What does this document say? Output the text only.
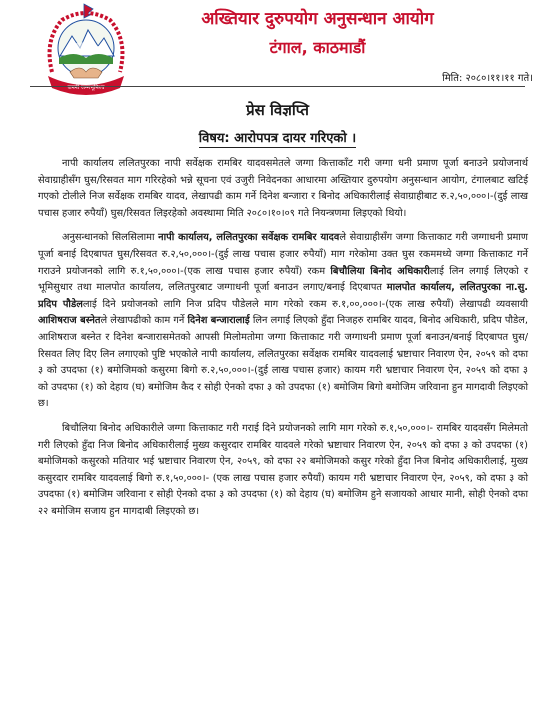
जननी जन्मभूमिश्च
अख्तियार दुरुपयोग अनुसन्धान आयोग
टंगाल, काठमाडौं
मिति: २०८०।११।११ गते।
प्रेस विज्ञप्ति
विषय: आरोपपत्र दायर गरिएको ।

नापी कार्यालय ललितपुरका नापी सर्वेक्षक रामबिर यादवसमेतले जग्गा कित्ताकाँट गरी जग्गा धनी प्रमाण पूर्जा बनाउने प्रयोजनार्थ सेवाग्राहीसँग घुस/रिसवत माग गरिरहेको भन्ने सूचना एवं उजुरी निवेदनका आधारमा अख्तियार दुरुपयोग अनुसन्धान आयोग, टंगालबाट खटिई गएको टोलीले निज सर्वेक्षक रामबिर यादव, लेखापढी काम गर्ने दिनेश बन्जारा र बिनोद अधिकारीलाई सेवाग्राहीबाट रु.२,५०,०००।-(दुई लाख पचास हजार रुपैयाँ) घुस/रिसवत लिइरहेको अवस्थामा मिति २०८०।१०।०९ गते नियन्त्रणमा लिइएको थियो।

अनुसन्धानको सिलसिलामा नापी कार्यालय, ललितपुरका सर्वेक्षक रामबिर यादवले सेवाग्राहीसँग जग्गा कित्ताकाट गरी जग्गाधनी प्रमाण पूर्जा बनाई दिएबापत घुस/रिसवत रु.२,५०,०००।-(दुई लाख पचास हजार रुपैयाँ) माग गरेकोमा उक्त घुस रकममध्ये जग्गा कित्ताकाट गर्ने गराउने प्रयोजनको लागि रु.१,५०,०००।-(एक लाख पचास हजार रुपैयाँ) रकम बिचौलिया बिनोद अधिकारीलाई लिन लगाई लिएको र भूमिसुधार तथा मालपोत कार्यालय, ललितपुरबाट जग्गाधनी पूर्जा बनाउन लगाए/बनाई दिएबापत मालपोत कार्यालय, ललितपुरका ना.सु. प्रदिप पौडेललाई दिने प्रयोजनको लागि निज प्रदिप पौडेलले माग गरेको रकम रु.१,००,०००।-(एक लाख रुपैयाँ) लेखापढी व्यवसायी आशिषराज बस्नेतले लेखापढीको काम गर्ने दिनेश बन्जारालाई लिन लगाई लिएको हुँदा निजहरु रामबिर यादव, बिनोद अधिकारी, प्रदिप पौडेल, आशिषराज बस्नेत र दिनेश बन्जारासमेतको आपसी मिलोमतोमा जग्गा कित्ताकाट गरी जग्गाधनी प्रमाण पूर्जा बनाउन/बनाई दिएबापत घुस/रिसवत लिए दिए लिन लगाएको पुष्टि भएकोले नापी कार्यालय, ललितपुरका सर्वेक्षक रामबिर यादवलाई भ्रष्टाचार निवारण ऐन, २०५९ को दफा ३ को उपदफा (१) बमोजिमको कसुरमा बिगो रु.२,५०,०००।-(दुई लाख पचास हजार) कायम गरी भ्रष्टाचार निवारण ऐन, २०५९ को दफा ३ को उपदफा (१) को देहाय (घ) बमोजिम कैद र सोही ऐनको दफा ३ को उपदफा (१) बमोजिम बिगो बमोजिम जरिवाना हुन मागदावी लिइएको छ।

बिचौलिया बिनोद अधिकारीले जग्गा कित्ताकाट गरी गराई दिने प्रयोजनको लागि माग गरेको रु.१,५०,०००।- रामबिर यादवसँग मिलेमतो गरी लिएको हुँदा निज बिनोद अधिकारीलाई मुख्य कसुरदार रामबिर यादवले गरेको भ्रष्टाचार निवारण ऐन, २०५९ को दफा ३ को उपदफा (१) बमोजिमको कसुरको मतियार भई भ्रष्टाचार निवारण ऐन, २०५९, को दफा २२ बमोजिमको कसुर गरेको हुँदा निज बिनोद अधिकारीलाई, मुख्य कसुरदार रामबिर यादवलाई बिगो रु.१,५०,०००।- (एक लाख पचास हजार रुपैयाँ) कायम गरी भ्रष्टाचार निवारण ऐन, २०५९, को दफा ३ को उपदफा (१) बमोजिम जरिवाना र सोही ऐनको दफा ३ को उपदफा (१) को देहाय (घ) बमोजिम हुने सजायको आधार मानी, सोही ऐनको दफा २२ बमोजिम सजाय हुन मागदाबी लिइएको छ।
